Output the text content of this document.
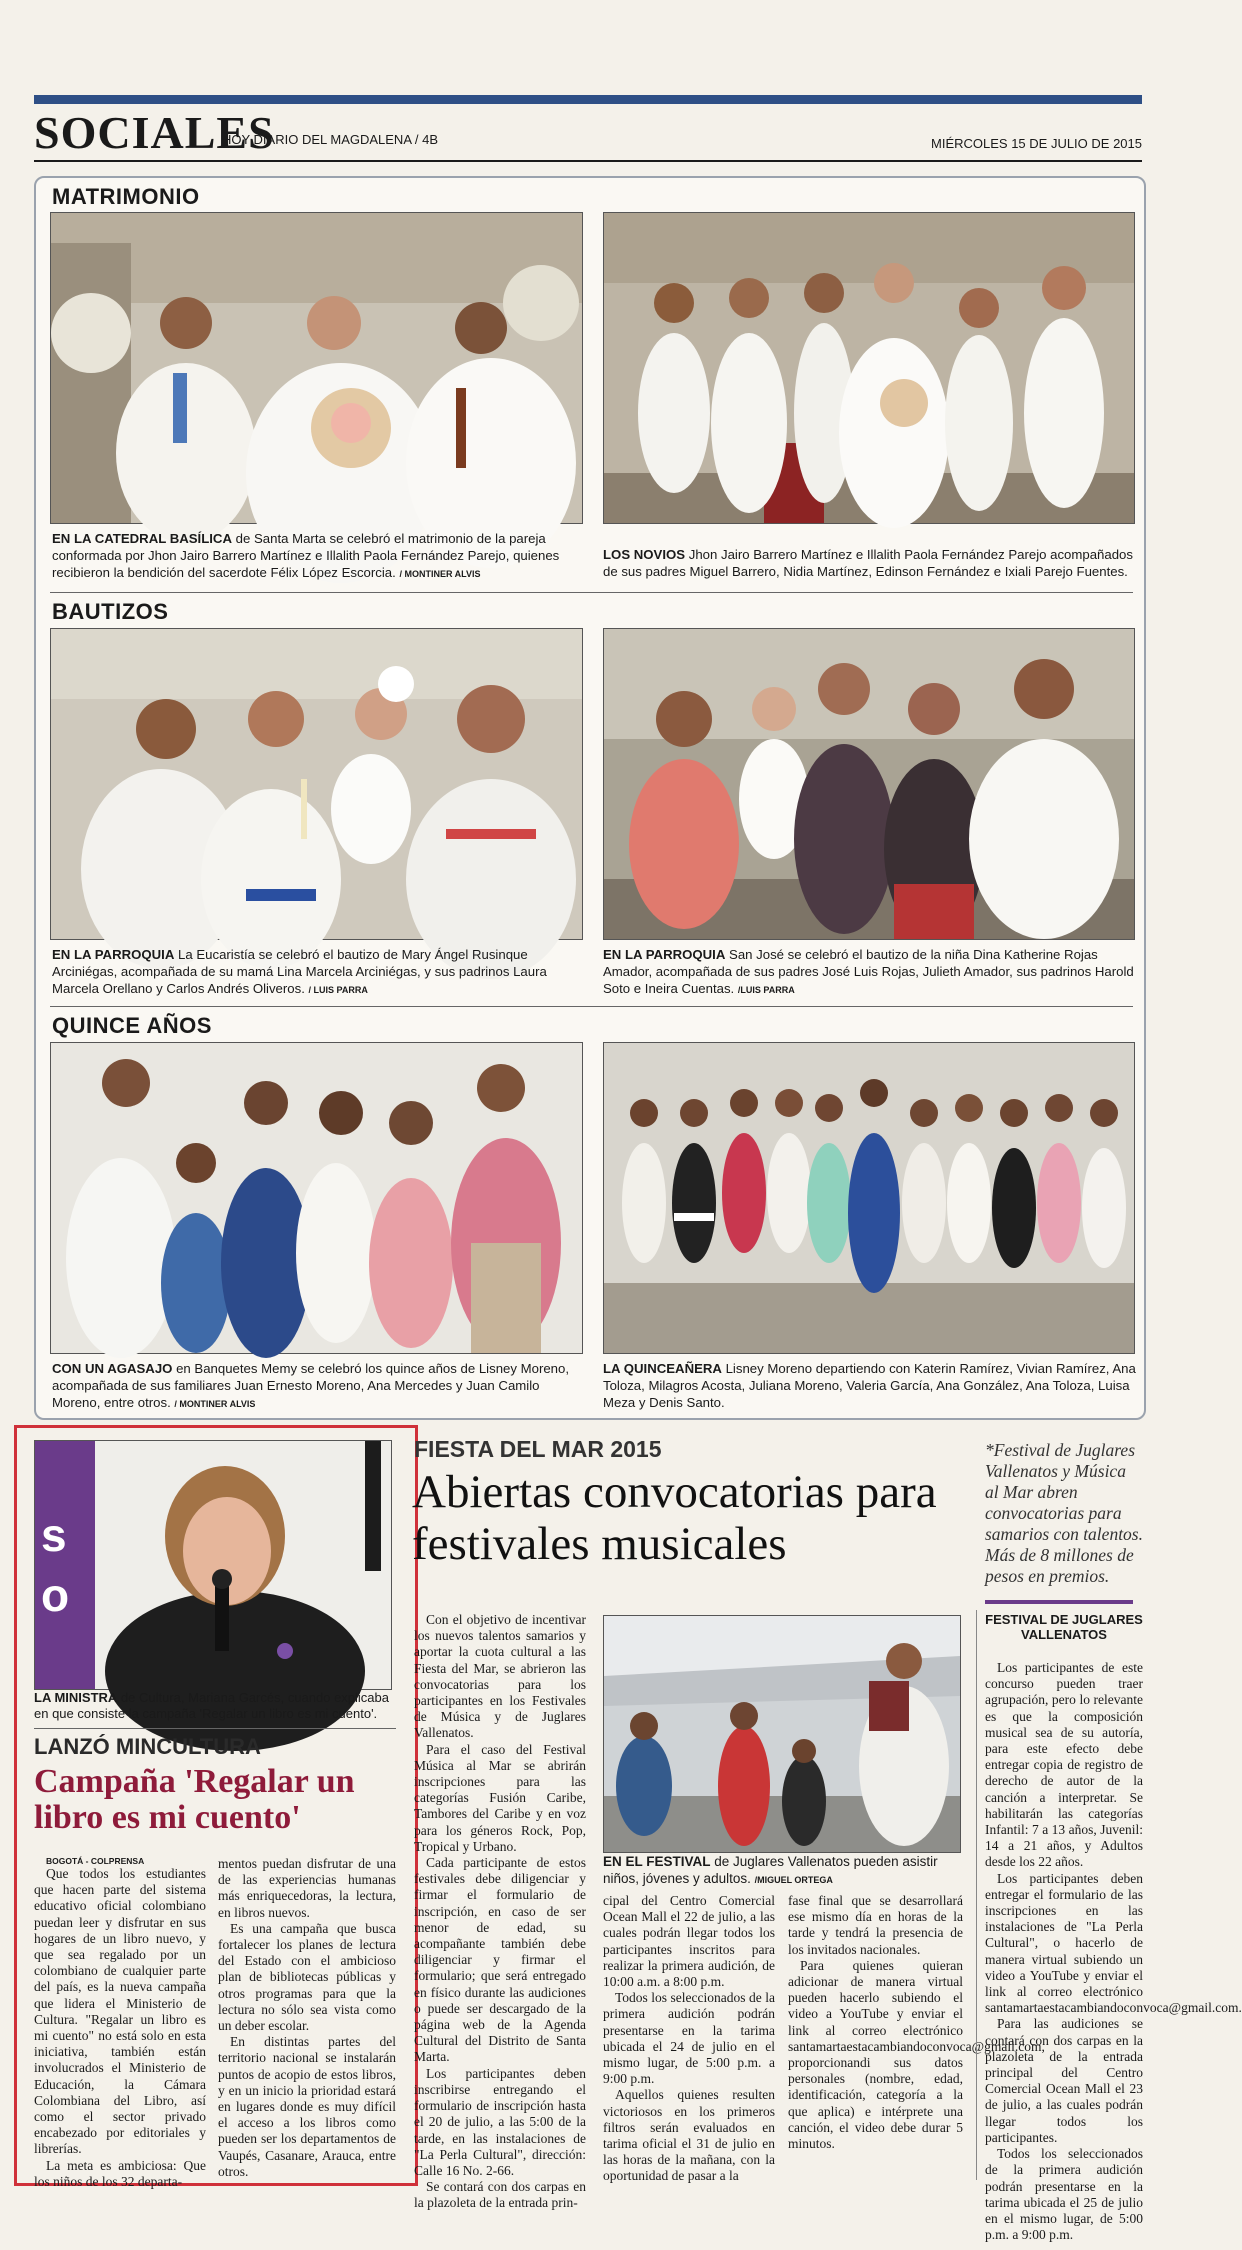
SOCIALES
HOY DIARIO DEL MAGDALENA / 4B	MIÉRCOLES 15 DE JULIO DE 2015
MATRIMONIO
EN LA CATEDRAL BASÍLICA de Santa Marta se celebró el matrimonio de la pareja conformada por Jhon Jairo Barrero Martínez e Illalith Paola Fernández Parejo, quienes recibieron la bendición del sacerdote Félix López Escorcia. / MONTINER ALVIS
LOS NOVIOS Jhon Jairo Barrero Martínez e Illalith Paola Fernández Parejo acompañados de sus padres Miguel Barrero, Nidia Martínez, Edinson Fernández e Ixiali Parejo Fuentes.
BAUTIZOS
EN LA PARROQUIA La Eucaristía se celebró el bautizo de Mary Ángel Rusinque Arciniégas, acompañada de su mamá Lina Marcela Arciniégas, y sus padrinos Laura Marcela Orellano y Carlos Andrés Oliveros. / LUIS PARRA
EN LA PARROQUIA San José se celebró el bautizo de la niña Dina Katherine Rojas Amador, acompañada de sus padres José Luis Rojas, Julieth Amador, sus padrinos Harold Soto e Ineira Cuentas. /LUIS PARRA
QUINCE AÑOS
CON UN AGASAJO en Banquetes Memy se celebró los quince años de Lisney Moreno, acompañada de sus familiares Juan Ernesto Moreno, Ana Mercedes y Juan Camilo Moreno, entre otros. / MONTINER ALVIS
LA QUINCEAÑERA Lisney Moreno departiendo con Katerin Ramírez, Vivian Ramírez, Ana Toloza, Milagros Acosta, Juliana Moreno, Valeria García, Ana González, Ana Toloza, Luisa Meza y Denis Santo.
s
o
LA MINISTRA de Cultura, Mariana Garcés, cuando explicaba en que consiste la campaña 'Regalar un libro es mi cuento'.
LANZÓ MINCULTURA
Campaña 'Regalar un libro es mi cuento'
BOGOTÁ - COLPRENSA

Que todos los estudiantes que hacen parte del sistema educativo oficial colombiano puedan leer y disfrutar en sus hogares de un libro nuevo, y que sea regalado por un colombiano de cualquier parte del país, es la nueva campaña que lidera el Ministerio de Cultura. "Regalar un libro es mi cuento" no está solo en esta iniciativa, también están involucrados el Ministerio de Educación, la Cámara Colombiana del Libro, así como el sector privado encabezado por editoriales y librerías.

La meta es ambiciosa: Que los niños de los 32 departa-

mentos puedan disfrutar de una de las experiencias humanas más enriquecedoras, la lectura, en libros nuevos.

Es una campaña que busca fortalecer los planes de lectura del Estado con el ambicioso plan de bibliotecas públicas y otros programas para que la lectura no sólo sea vista como un deber escolar.

En distintas partes del territorio nacional se instalarán puntos de acopio de estos libros, y en un inicio la prioridad estará en lugares donde es muy difícil el acceso a los libros como pueden ser los departamentos de Vaupés, Casanare, Arauca, entre otros.

FIESTA DEL MAR 2015
Abiertas convocatorias para festivales musicales
*Festival de Juglares Vallenatos y Música al Mar abren convocatorias para samarios con talentos. Más de 8 millones de pesos en premios.

Con el objetivo de incentivar los nuevos talentos samarios y aportar la cuota cultural a las Fiesta del Mar, se abrieron las convocatorias para los participantes en los Festivales de Música y de Juglares Vallenatos.

Para el caso del Festival Música al Mar se abrirán inscripciones para las categorías Fusión Caribe, Tambores del Caribe y en voz para los géneros Rock, Pop, Tropical y Urbano.

Cada participante de estos festivales debe diligenciar y firmar el formulario de inscripción, en caso de ser menor de edad, su acompañante también debe diligenciar y firmar el formulario; que será entregado en físico durante las audiciones o puede ser descargado de la página web de la Agenda Cultural del Distrito de Santa Marta.

Los participantes deben inscribirse entregando el formulario de inscripción hasta el 20 de julio, a las 5:00 de la tarde, en las instalaciones de "La Perla Cultural", dirección: Calle 16 No. 2-66.

Se contará con dos carpas en la plazoleta de la entrada prin-

EN EL FESTIVAL de Juglares Vallenatos pueden asistir niños, jóvenes y adultos. /MIGUEL ORTEGA

cipal del Centro Comercial Ocean Mall el 22 de julio, a las cuales podrán llegar todos los participantes inscritos para realizar la primera audición, de 10:00 a.m. a 8:00 p.m.

Todos los seleccionados de la primera audición podrán presentarse en la tarima ubicada el 24 de julio en el mismo lugar, de 5:00 p.m. a 9:00 p.m.

Aquellos quienes resulten victoriosos en los primeros filtros serán evaluados en tarima oficial el 31 de julio en las horas de la mañana, con la oportunidad de pasar a la

fase final que se desarrollará ese mismo día en horas de la tarde y tendrá la presencia de los invitados nacionales.

Para quienes quieran adicionar de manera virtual pueden hacerlo subiendo el video a YouTube y enviar el link al correo electrónico santamartaestacambiandoconvoca@gmail.com, proporcionandi sus datos personales (nombre, edad, identificación, categoría a la que aplica) e intérprete una canción, el video debe durar 5 minutos.

FESTIVAL DE JUGLARES VALLENATOS

Los participantes de este concurso pueden traer agrupación, pero lo relevante es que la composición musical sea de su autoría, para este efecto debe entregar copia de registro de derecho de autor de la canción a interpretar. Se habilitarán las categorías Infantil: 7 a 13 años, Juvenil: 14 a 21 años, y Adultos desde los 22 años.

Los participantes deben entregar el formulario de las inscripciones en las instalaciones de "La Perla Cultural", o hacerlo de manera virtual subiendo un video a YouTube y enviar el link al correo electrónico santamartaestacambiandoconvoca@gmail.com.

Para las audiciones se contará con dos carpas en la plazoleta de la entrada principal del Centro Comercial Ocean Mall el 23 de julio, a las cuales podrán llegar todos los participantes.

Todos los seleccionados de la primera audición podrán presentarse en la tarima ubicada el 25 de julio en el mismo lugar, de 5:00 p.m. a 9:00 p.m.
